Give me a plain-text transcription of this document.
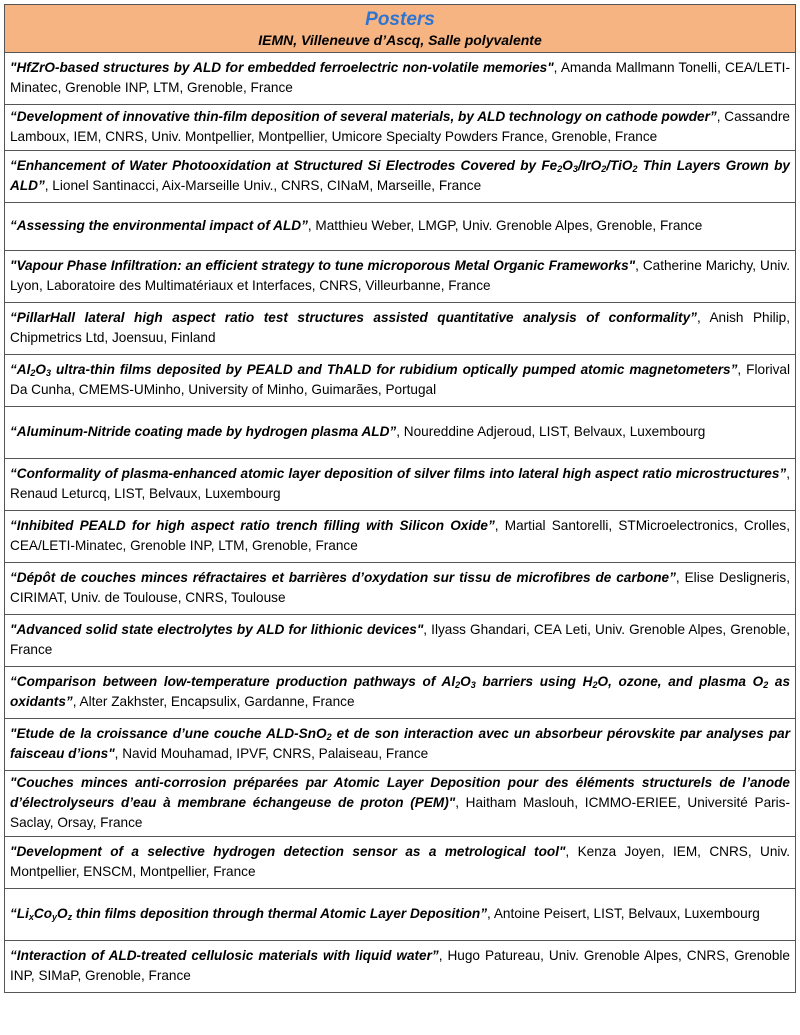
Posters
IEMN, Villeneuve d’Ascq, Salle polyvalente

"HfZrO-based structures by ALD for embedded ferroelectric non-volatile memories", Amanda Mallmann Tonelli, CEA/LETI-Minatec, Grenoble INP, LTM, Grenoble, France
“Development of innovative thin-film deposition of several materials, by ALD technology on cathode powder”, Cassandre Lamboux, IEM, CNRS, Univ. Montpellier, Montpellier, Umicore Specialty Powders France, Grenoble, France
“Enhancement of Water Photooxidation at Structured Si Electrodes Covered by $Fe_2O_3/IrO_2/TiO_2$ Thin Layers Grown by ALD”, Lionel Santinacci, Aix-Marseille Univ., CNRS, CINaM, Marseille, France
“Assessing the environmental impact of ALD”, Matthieu Weber, LMGP, Univ. Grenoble Alpes, Grenoble, France
"Vapour Phase Infiltration: an efficient strategy to tune microporous Metal Organic Frameworks", Catherine Marichy, Univ. Lyon, Laboratoire des Multimatériaux et Interfaces, CNRS, Villeurbanne, France
“PillarHall lateral high aspect ratio test structures assisted quantitative analysis of conformality”, Anish Philip, Chipmetrics Ltd, Joensuu, Finland
“$Al_2O_3$ ultra-thin films deposited by PEALD and ThALD for rubidium optically pumped atomic magnetometers”, Florival Da Cunha, CMEMS-UMinho, University of Minho, Guimarães, Portugal
“Aluminum-Nitride coating made by hydrogen plasma ALD”, Noureddine Adjeroud, LIST, Belvaux, Luxembourg
“Conformality of plasma-enhanced atomic layer deposition of silver films into lateral high aspect ratio microstructures”, Renaud Leturcq, LIST, Belvaux, Luxembourg
“Inhibited PEALD for high aspect ratio trench filling with Silicon Oxide”, Martial Santorelli, STMicroelectronics, Crolles, CEA/LETI-Minatec, Grenoble INP, LTM, Grenoble, France
“Dépôt de couches minces réfractaires et barrières d’oxydation sur tissu de microfibres de carbone”, Elise Desligneris, CIRIMAT, Univ. de Toulouse, CNRS, Toulouse
"Advanced solid state electrolytes by ALD for lithionic devices", Ilyass Ghandari, CEA Leti, Univ. Grenoble Alpes, Grenoble, France
“Comparison between low-temperature production pathways of $Al_2O_3$ barriers using $H_2O$, ozone, and plasma $O_2$ as oxidants”, Alter Zakhster, Encapsulix, Gardanne, France
"Etude de la croissance d’une couche ALD-SnO$_2$ et de son interaction avec un absorbeur pérovskite par analyses par faisceau d’ions", Navid Mouhamad, IPVF, CNRS, Palaiseau, France
"Couches minces anti-corrosion préparées par Atomic Layer Deposition pour des éléments structurels de l’anode d’électrolyseurs d’eau à membrane échangeuse de proton (PEM)", Haitham Maslouh, ICMMO-ERIEE, Université Paris-Saclay, Orsay, France
"Development of a selective hydrogen detection sensor as a metrological tool", Kenza Joyen, IEM, CNRS, Univ. Montpellier, ENSCM, Montpellier, France
“$Li_xCo_yO_z$ thin films deposition through thermal Atomic Layer Deposition”, Antoine Peisert, LIST, Belvaux, Luxembourg
“Interaction of ALD-treated cellulosic materials with liquid water”, Hugo Patureau, Univ. Grenoble Alpes, CNRS, Grenoble INP, SIMaP, Grenoble, France
